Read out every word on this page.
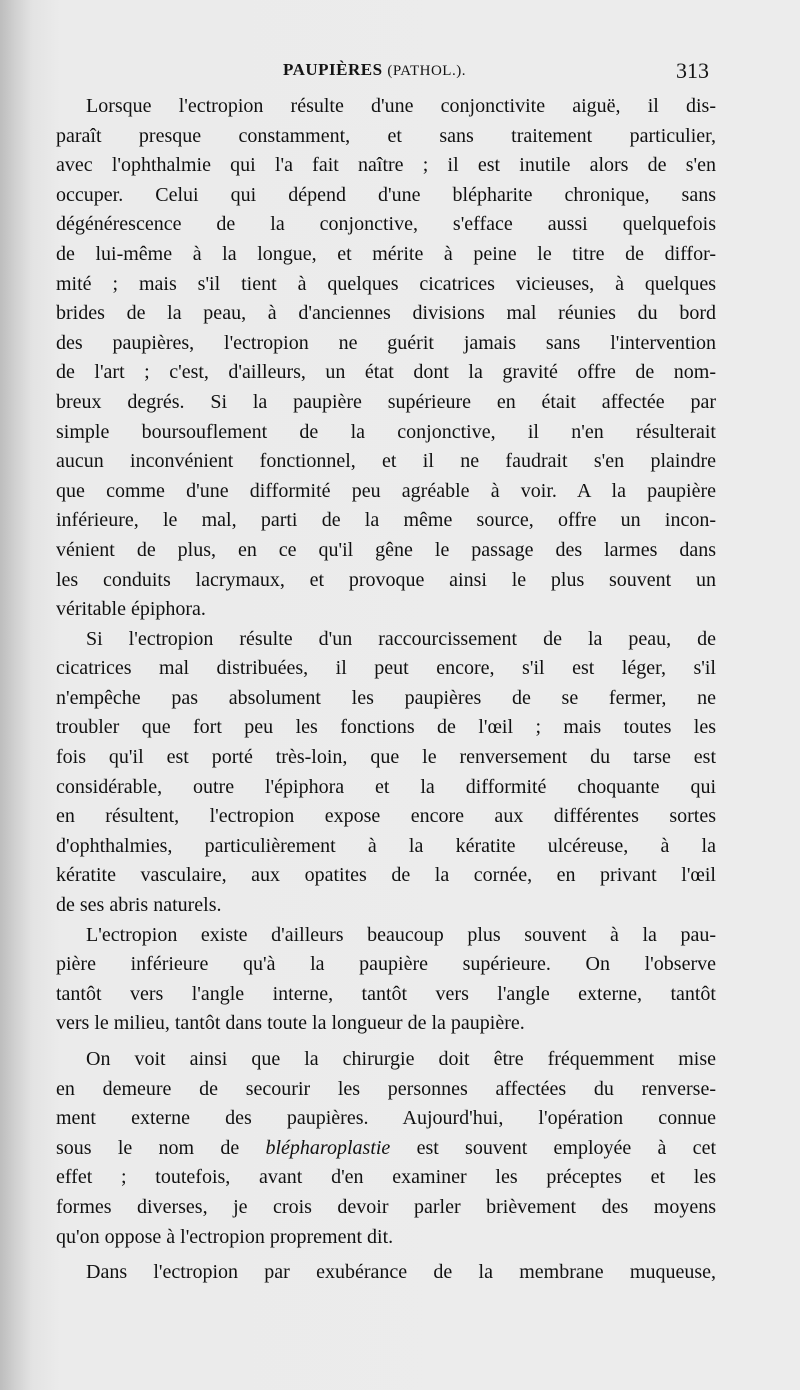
PAUPIÈRES (PATHOL.).	313
Lorsque l'ectropion résulte d'une conjonctivite aiguë, il dis-
paraît presque constamment, et sans traitement particulier,
avec l'ophthalmie qui l'a fait naître ; il est inutile alors de s'en
occuper. Celui qui dépend d'une blépharite chronique, sans
dégénérescence de la conjonctive, s'efface aussi quelquefois
de lui-même à la longue, et mérite à peine le titre de diffor-
mité ; mais s'il tient à quelques cicatrices vicieuses, à quelques
brides de la peau, à d'anciennes divisions mal réunies du bord
des paupières, l'ectropion ne guérit jamais sans l'intervention
de l'art ; c'est, d'ailleurs, un état dont la gravité offre de nom-
breux degrés. Si la paupière supérieure en était affectée par
simple boursouflement de la conjonctive, il n'en résulterait
aucun inconvénient fonctionnel, et il ne faudrait s'en plaindre
que comme d'une difformité peu agréable à voir. A la paupière
inférieure, le mal, parti de la même source, offre un incon-
vénient de plus, en ce qu'il gêne le passage des larmes dans
les conduits lacrymaux, et provoque ainsi le plus souvent un
véritable épiphora.
Si l'ectropion résulte d'un raccourcissement de la peau, de
cicatrices mal distribuées, il peut encore, s'il est léger, s'il
n'empêche pas absolument les paupières de se fermer, ne
troubler que fort peu les fonctions de l'œil ; mais toutes les
fois qu'il est porté très-loin, que le renversement du tarse est
considérable, outre l'épiphora et la difformité choquante qui
en résultent, l'ectropion expose encore aux différentes sortes
d'ophthalmies, particulièrement à la kératite ulcéreuse, à la
kératite vasculaire, aux opatites de la cornée, en privant l'œil
de ses abris naturels.
L'ectropion existe d'ailleurs beaucoup plus souvent à la pau-
pière inférieure qu'à la paupière supérieure. On l'observe
tantôt vers l'angle interne, tantôt vers l'angle externe, tantôt
vers le milieu, tantôt dans toute la longueur de la paupière.
On voit ainsi que la chirurgie doit être fréquemment mise
en demeure de secourir les personnes affectées du renverse-
ment externe des paupières. Aujourd'hui, l'opération connue
sous le nom de blépharoplastie est souvent employée à cet
effet ; toutefois, avant d'en examiner les préceptes et les
formes diverses, je crois devoir parler brièvement des moyens
qu'on oppose à l'ectropion proprement dit.
Dans l'ectropion par exubérance de la membrane muqueuse,
